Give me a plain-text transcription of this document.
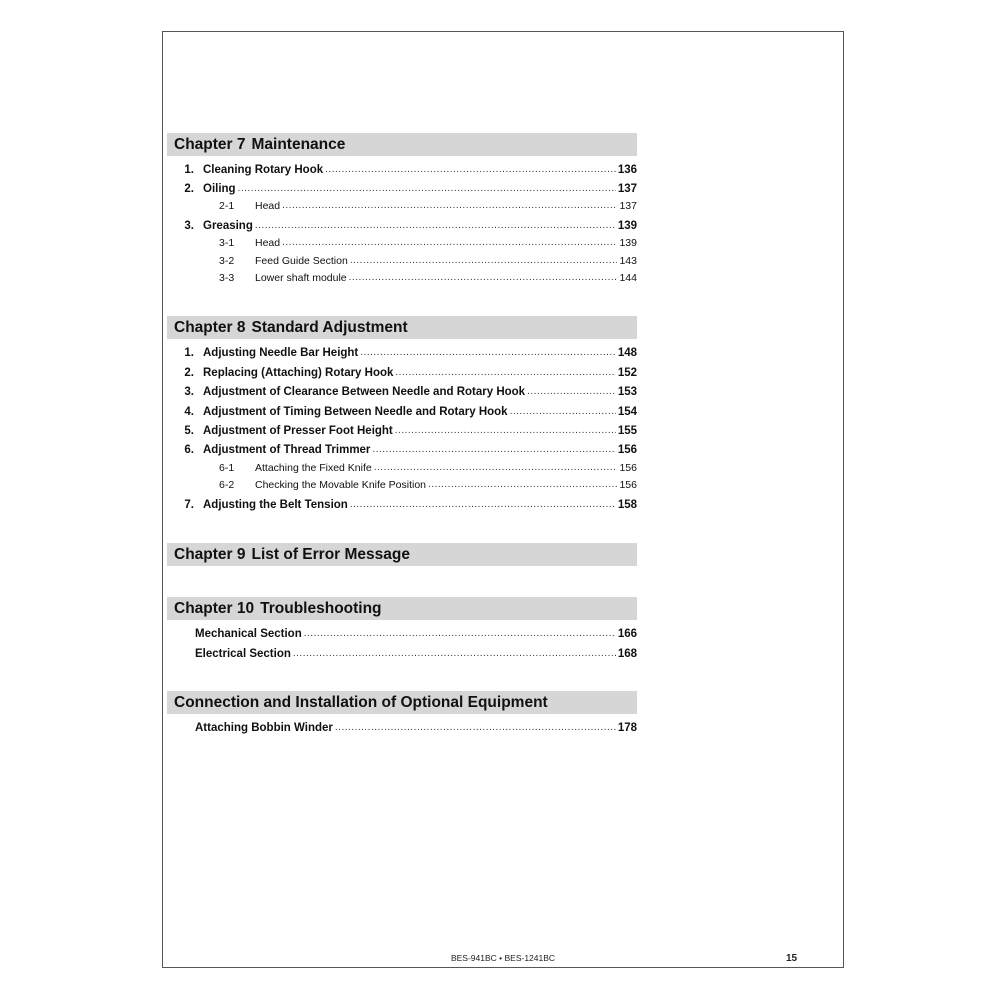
Chapter 7 Maintenance
1. Cleaning Rotary Hook .....	136
2. Oiling .....	137
2-1 Head .....	137
3. Greasing .....	139
3-1 Head .....	139
3-2 Feed Guide Section .....	143
3-3 Lower shaft module .....	144
Chapter 8 Standard Adjustment
1. Adjusting Needle Bar Height .....	148
2. Replacing (Attaching) Rotary Hook .....	152
3. Adjustment of Clearance Between Needle and Rotary Hook .....	153
4. Adjustment of Timing Between Needle and Rotary Hook .....	154
5. Adjustment of Presser Foot Height .....	155
6. Adjustment of Thread Trimmer .....	156
6-1 Attaching the Fixed Knife .....	156
6-2 Checking the Movable Knife Position .....	156
7. Adjusting the Belt Tension .....	158
Chapter 9 List of Error Message
Chapter 10 Troubleshooting
Mechanical Section .....	166
Electrical Section .....	168
Connection and Installation of Optional Equipment
Attaching Bobbin Winder .....	178
BES-941BC • BES-1241BC	15
